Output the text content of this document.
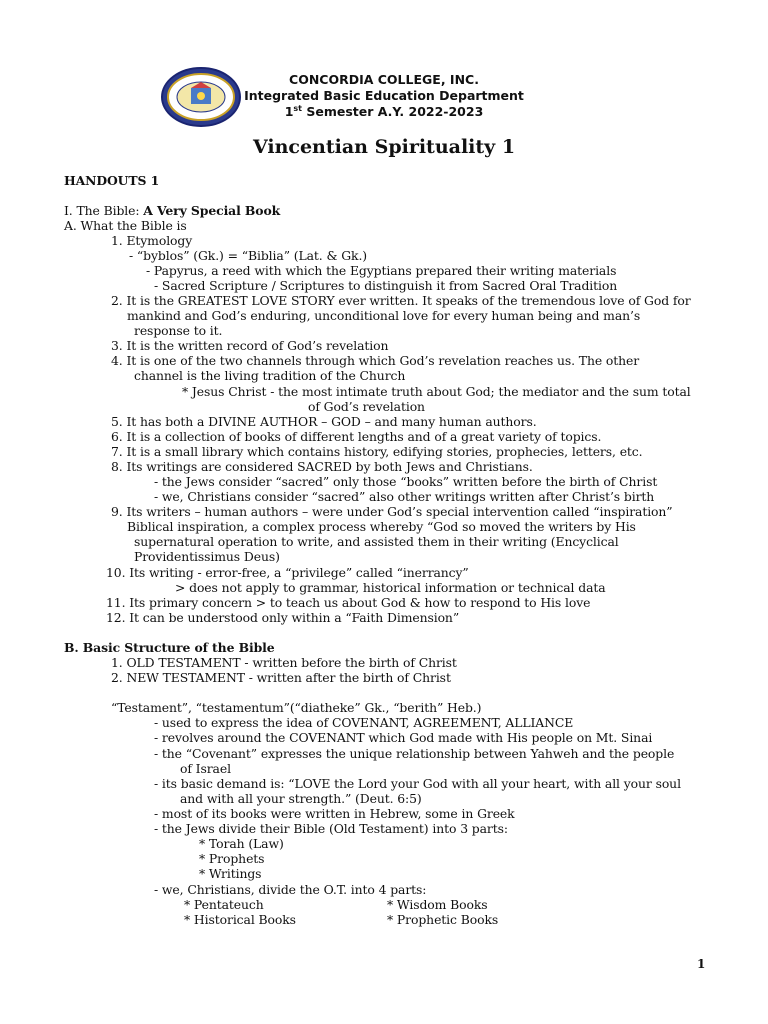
CONCORDIA COLLEGE, INC.
Integrated Basic Education Department
1st Semester A.Y. 2022-2023
Vincentian Spirituality 1
HANDOUTS 1
I. The Bible: A Very Special Book
A. What the Bible is
1. Etymology
- “byblos” (Gk.) = “Biblia” (Lat. & Gk.)
- Papyrus, a reed with which the Egyptians prepared their writing materials
- Sacred Scripture / Scriptures to distinguish it from Sacred Oral Tradition
2. It is the GREATEST LOVE STORY ever written. It speaks of the tremendous love of God for
mankind and God’s enduring, unconditional love for every human being and man’s
response to it.
3. It is the written record of God’s revelation
4. It is one of the two channels through which God’s revelation reaches us. The other
channel is the living tradition of the Church
* Jesus Christ - the most intimate truth about God; the mediator and the sum total
of God’s revelation
5. It has both a DIVINE AUTHOR – GOD – and many human authors.
6. It is a collection of books of different lengths and of a great variety of topics.
7. It is a small library which contains history, edifying stories, prophecies, letters, etc.
8. Its writings are considered SACRED by both Jews and Christians.
- the Jews consider “sacred” only those “books” written before the birth of Christ
- we, Christians consider “sacred” also other writings written after Christ’s birth
9. Its writers – human authors – were under God’s special intervention called “inspiration”
Biblical inspiration, a complex process whereby “God so moved the writers by His
supernatural operation to write, and assisted them in their writing (Encyclical
Providentissimus Deus)
10. Its writing - error-free, a “privilege” called “inerrancy”
> does not apply to grammar, historical information or technical data
11. Its primary concern > to teach us about God & how to respond to His love
12. It can be understood only within a “Faith Dimension”
B. Basic Structure of the Bible
1. OLD TESTAMENT - written before the birth of Christ
2. NEW TESTAMENT - written after the birth of Christ
“Testament”, “testamentum”(“diatheke” Gk., “berith” Heb.)
- used to express the idea of COVENANT, AGREEMENT, ALLIANCE
- revolves around the COVENANT which God made with His people on Mt. Sinai
- the “Covenant” expresses the unique relationship between Yahweh and the people
of Israel
- its basic demand is: “LOVE the Lord your God with all your heart, with all your soul
and with all your strength.” (Deut. 6:5)
- most of its books were written in Hebrew, some in Greek
- the Jews divide their Bible (Old Testament) into 3 parts:
* Torah (Law)
* Prophets
* Writings
- we, Christians, divide the O.T. into 4 parts:
* Pentateuch	* Wisdom Books
* Historical Books	* Prophetic Books
1
